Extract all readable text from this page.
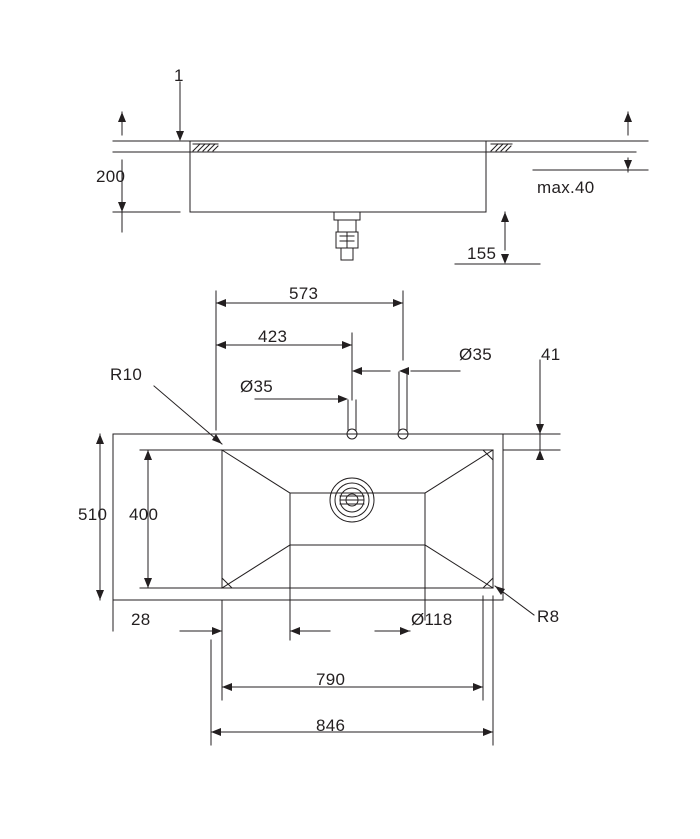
1
200
max.40
155
573
423
Ø35	41
Ø35
R10
510 400
28	Ø118	R8
790
846
